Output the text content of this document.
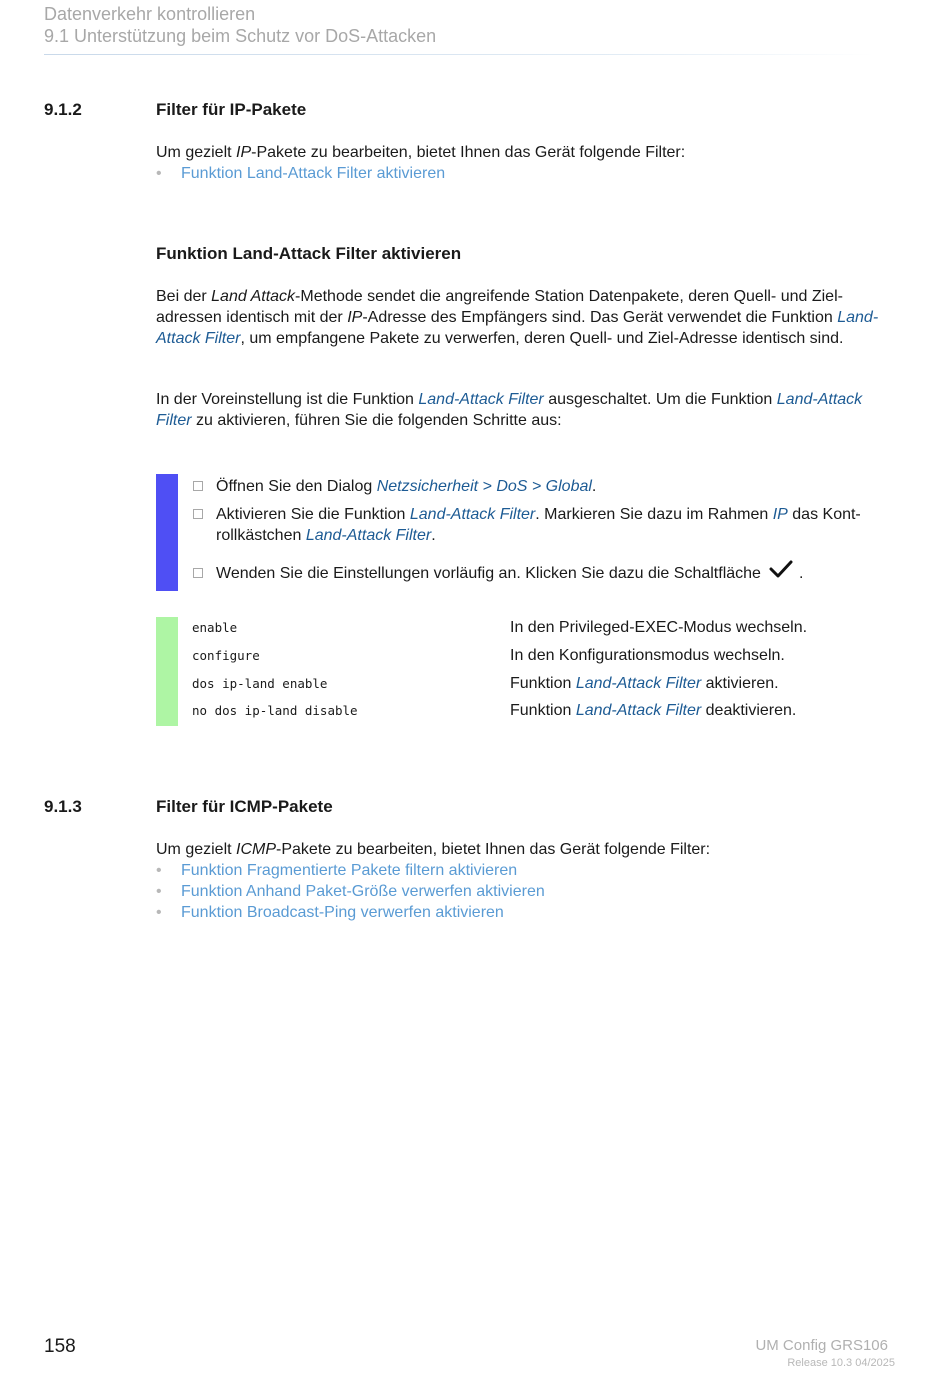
Datenverkehr kontrollieren
9.1 Unterstützung beim Schutz vor DoS-Attacken
9.1.2	Filter für IP-Pakete

Um gezielt IP-Pakete zu bearbeiten, bietet Ihnen das Gerät folgende Filter:

• Funktion Land-Attack Filter aktivieren
Funktion Land-Attack Filter aktivieren

Bei der Land Attack-Methode sendet die angreifende Station Datenpakete, deren Quell- und Ziel-adressen identisch mit der IP-Adresse des Empfängers sind. Das Gerät verwendet die Funktion Land-Attack Filter, um empfangene Pakete zu verwerfen, deren Quell- und Ziel-Adresse identisch sind.

In der Voreinstellung ist die Funktion Land-Attack Filter ausgeschaltet. Um die Funktion Land-Attack Filter zu aktivieren, führen Sie die folgenden Schritte aus:

Öffnen Sie den Dialog Netzsicherheit > DoS > Global.
Aktivieren Sie die Funktion Land-Attack Filter. Markieren Sie dazu im Rahmen IP das Kont-rollkästchen Land-Attack Filter.
Wenden Sie die Einstellungen vorläufig an. Klicken Sie dazu die Schaltfläche .
enable	In den Privileged-EXEC-Modus wechseln.
configure	In den Konfigurationsmodus wechseln.
dos ip-land enable	Funktion Land-Attack Filter aktivieren.
no dos ip-land disable	Funktion Land-Attack Filter deaktivieren.
9.1.3	Filter für ICMP-Pakete

Um gezielt ICMP-Pakete zu bearbeiten, bietet Ihnen das Gerät folgende Filter:

• Funktion Fragmentierte Pakete filtern aktivieren
• Funktion Anhand Paket-Größe verwerfen aktivieren
• Funktion Broadcast-Ping verwerfen aktivieren
158	UM Config GRS106
Release 10.3 04/2025
